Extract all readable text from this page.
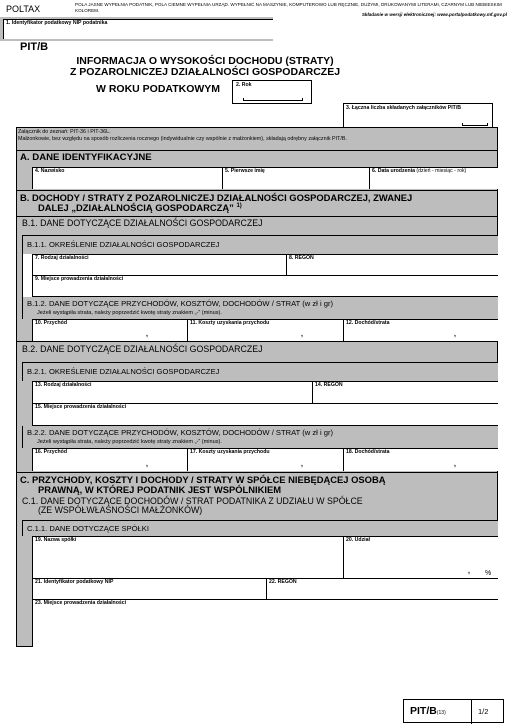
POLTAX	POLA JASNE WYPEŁNIA PODATNIK, POLA CIEMNE WYPEŁNIA URZĄD. WYPEŁNIĆ NA MASZYNIE, KOMPUTEROWO LUB RĘCZNIE, DUŻYMI, DRUKOWANYMI LITERAMI, CZARNYM LUB NIEBIESKIM KOLOREM.
Składanie w wersji elektronicznej: www.portalpodatkowy.mf.gov.pl
1. Identyfikator podatkowy NIP podatnika
PIT/B
INFORMACJA O WYSOKOŚCI DOCHODU (STRATY)
Z POZAROLNICZEJ DZIAŁALNOŚCI GOSPODARCZEJ
W ROKU PODATKOWYM	2. Rok
3. Łączna liczba składanych załączników PIT/B
Załącznik do zeznań: PIT-36 i PIT-36L.
Małżonkowie, bez względu na sposób rozliczenia rocznego (indywidualnie czy wspólnie z małżonkiem), składają odrębny załącznik PIT/B.
A. DANE IDENTYFIKACYJNE
4. Nazwisko	5. Pierwsze imię	6. Data urodzenia (dzień - miesiąc - rok)
B. DOCHODY / STRATY Z POZAROLNICZEJ DZIAŁALNOŚCI GOSPODARCZEJ, ZWANEJ
DALEJ „DZIAŁALNOŚCIĄ GOSPODARCZĄ” $^{1)}$
B.1. DANE DOTYCZĄCE DZIAŁALNOŚCI GOSPODARCZEJ
B.1.1. OKREŚLENIE DZIAŁALNOŚCI GOSPODARCZEJ
7. Rodzaj działalności	8. REGON
9. Miejsce prowadzenia działalności
B.1.2. DANE DOTYCZĄCE PRZYCHODÓW, KOSZTÓW, DOCHODÓW / STRAT (w zł i gr)
Jeżeli wystąpiła strata, należy poprzedzić kwotę straty znakiem „-” (minus).
10. Przychód
,
11. Koszty uzyskania przychodu
,
12. Dochód/strata
,
B.2. DANE DOTYCZĄCE DZIAŁALNOŚCI GOSPODARCZEJ
B.2.1. OKREŚLENIE DZIAŁALNOŚCI GOSPODARCZEJ
13. Rodzaj działalności	14. REGON
15. Miejsce prowadzenia działalności
B.2.2. DANE DOTYCZĄCE PRZYCHODÓW, KOSZTÓW, DOCHODÓW / STRAT (w zł i gr)
Jeżeli wystąpiła strata, należy poprzedzić kwotę straty znakiem „-” (minus).
16. Przychód
,
17. Koszty uzyskania przychodu
,
18. Dochód/strata
,
C. PRZYCHODY, KOSZTY I DOCHODY / STRATY W SPÓŁCE NIEBĘDĄCEJ OSOBĄ
PRAWNĄ, W KTÓREJ PODATNIK JEST WSPÓLNIKIEM
C.1. DANE DOTYCZĄCE DOCHODÓW / STRAT PODATNIKA Z UDZIAŁU W SPÓŁCE
(ZE WSPÓŁWŁASNOŚCI MAŁŻONKÓW)
C.1.1. DANE DOTYCZĄCE SPÓŁKI
19. Nazwa spółki	20. Udział
, %
21. Identyfikator podatkowy NIP	22. REGON
23. Miejsce prowadzenia działalności
PIT/B(13)	1/2
